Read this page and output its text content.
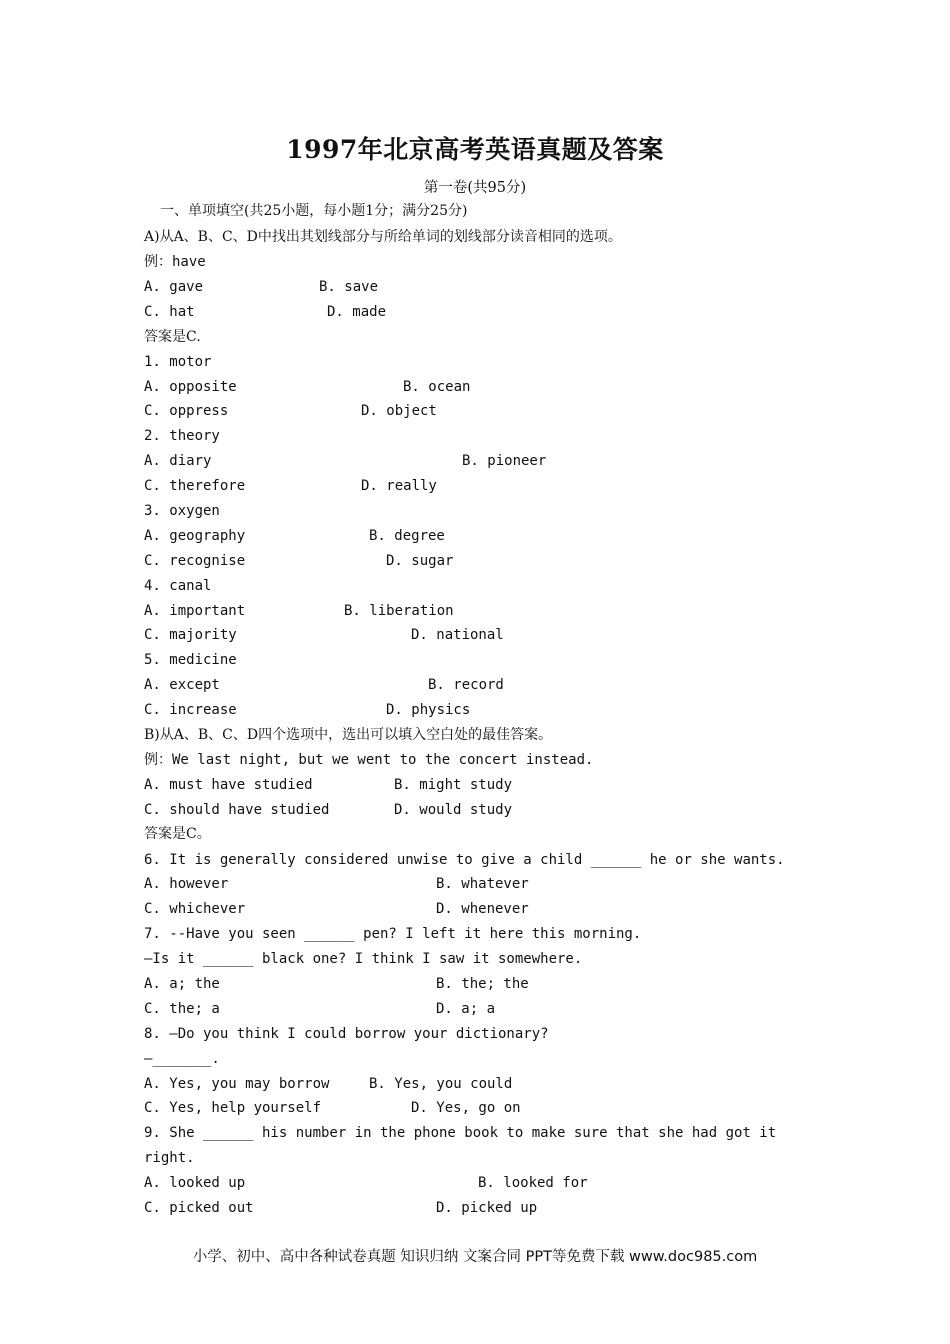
1997年北京高考英语真题及答案
第一卷(共95分)
一、单项填空(共25小题，每小题1分；满分25分)
A)从A、B、C、D中找出其划线部分与所给单词的划线部分读音相同的选项。
例：have
A. gave	B. save
C. hat	D. made
答案是C.
1. motor
A. opposite	B. ocean
C. oppress	D. object
2. theory
A. diary	B. pioneer
C. therefore	D. really
3. oxygen
A. geography	B. degree
C. recognise	D. sugar
4. canal
A. important	B. liberation
C. majority	D. national
5. medicine
A. except	B. record
C. increase	D. physics
B)从A、B、C、D四个选项中，选出可以填入空白处的最佳答案。
例：We last night, but we went to the concert instead.
A. must have studied	B. might study
C. should have studied	D. would study
答案是C。
6. It is generally considered unwise to give a child ______ he or she wants.
A. however	B. whatever
C. whichever	D. whenever
7. --Have you seen ______ pen? I left it here this morning.
—Is it ______ black one? I think I saw it somewhere.
A. a; the	B. the; the
C. the; a	D. a; a
8. —Do you think I could borrow your dictionary?
—_______.
A. Yes, you may borrow	B. Yes, you could
C. Yes, help yourself	D. Yes, go on
9. She ______ his number in the phone book to make sure that she had got it
right.
A. looked up	B. looked for
C. picked out	D. picked up
小学、初中、高中各种试卷真题 知识归纳 文案合同 PPT等免费下载 www.doc985.com
